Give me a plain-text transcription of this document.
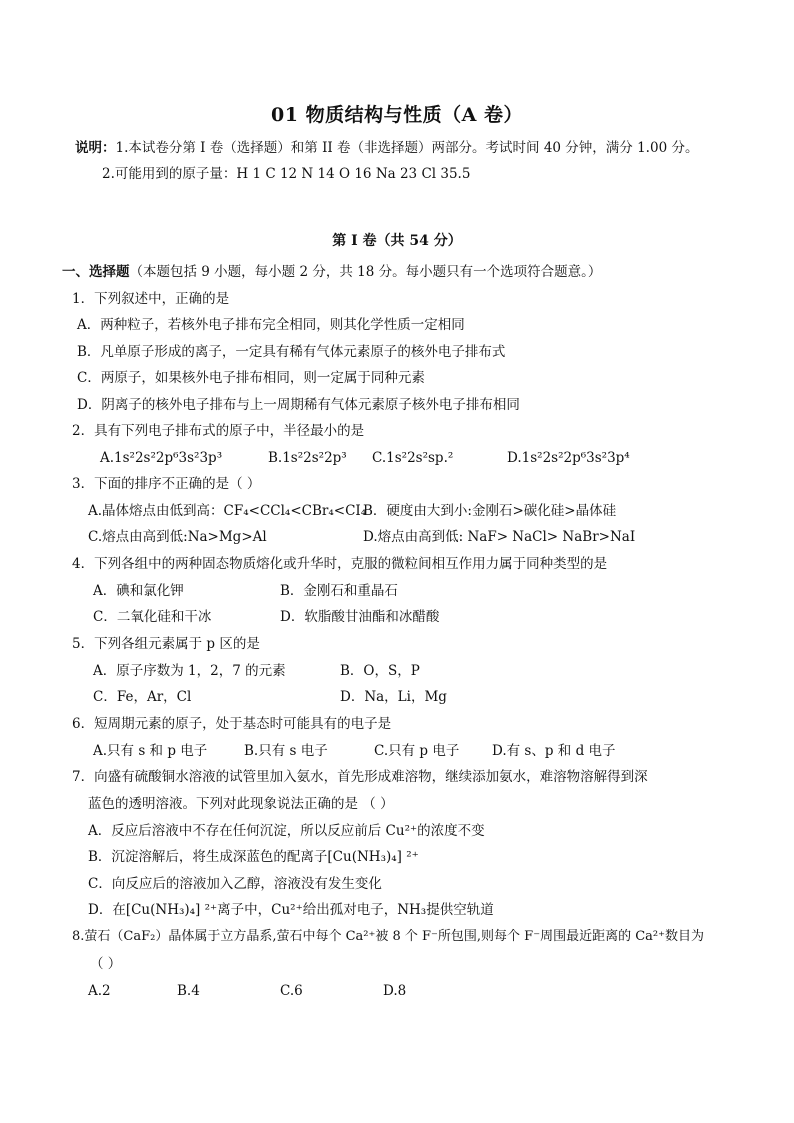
01 物质结构与性质（A 卷）
说明：1.本试卷分第 I 卷（选择题）和第 II 卷（非选择题）两部分。考试时间 40 分钟，满分 1.00 分。
2.可能用到的原子量：H 1 C 12 N 14 O 16 Na 23 Cl 35.5
第 I 卷（共 54 分）
一、选择题（本题包括 9 小题，每小题 2 分，共 18 分。每小题只有一个选项符合题意。）
1．下列叙述中，正确的是
A．两种粒子，若核外电子排布完全相同，则其化学性质一定相同
B．凡单原子形成的离子，一定具有稀有气体元素原子的核外电子排布式
C．两原子，如果核外电子排布相同，则一定属于同种元素
D．阴离子的核外电子排布与上一周期稀有气体元素原子核外电子排布相同
2．具有下列电子排布式的原子中，半径最小的是
A.1s²2s²2p⁶3s²3p³	B.1s²2s²2p³ C.1s²2s²sp.²	D.1s²2s²2p⁶3s²3p⁴
3．下面的排序不正确的是（ ）
A.晶体熔点由低到高：CF₄<CCl₄<CBr₄<CI₄
B．硬度由大到小:金刚石>碳化硅>晶体硅
C.熔点由高到低:Na>Mg>Al	D.熔点由高到低: NaF> NaCl> NaBr>NaI
4．下列各组中的两种固态物质熔化或升华时，克服的微粒间相互作用力属于同种类型的是
A．碘和氯化钾	B．金刚石和重晶石
C．二氧化硅和干冰	D．软脂酸甘油酯和冰醋酸
5．下列各组元素属于 p 区的是
A．原子序数为 1，2，7 的元素	B．O，S，P
C．Fe，Ar，Cl	D．Na，Li，Mg
6．短周期元素的原子，处于基态时可能具有的电子是
A.只有 s 和 p 电子	B.只有 s 电子	C.只有 p 电子 D.有 s、p 和 d 电子
7．向盛有硫酸铜水溶液的试管里加入氨水，首先形成难溶物，继续添加氨水，难溶物溶解得到深
蓝色的透明溶液。下列对此现象说法正确的是 （ ）
A．反应后溶液中不存在任何沉淀，所以反应前后 Cu²⁺的浓度不变
B．沉淀溶解后，将生成深蓝色的配离子[Cu(NH₃)₄] ²⁺
C．向反应后的溶液加入乙醇，溶液没有发生变化
D．在[Cu(NH₃)₄] ²⁺离子中，Cu²⁺给出孤对电子，NH₃提供空轨道
8.萤石（CaF₂）晶体属于立方晶系,萤石中每个 Ca²⁺被 8 个 F⁻所包围,则每个 F⁻周围最近距离的 Ca²⁺数目为
（ ）
A.2	B.4	C.6	D.8
